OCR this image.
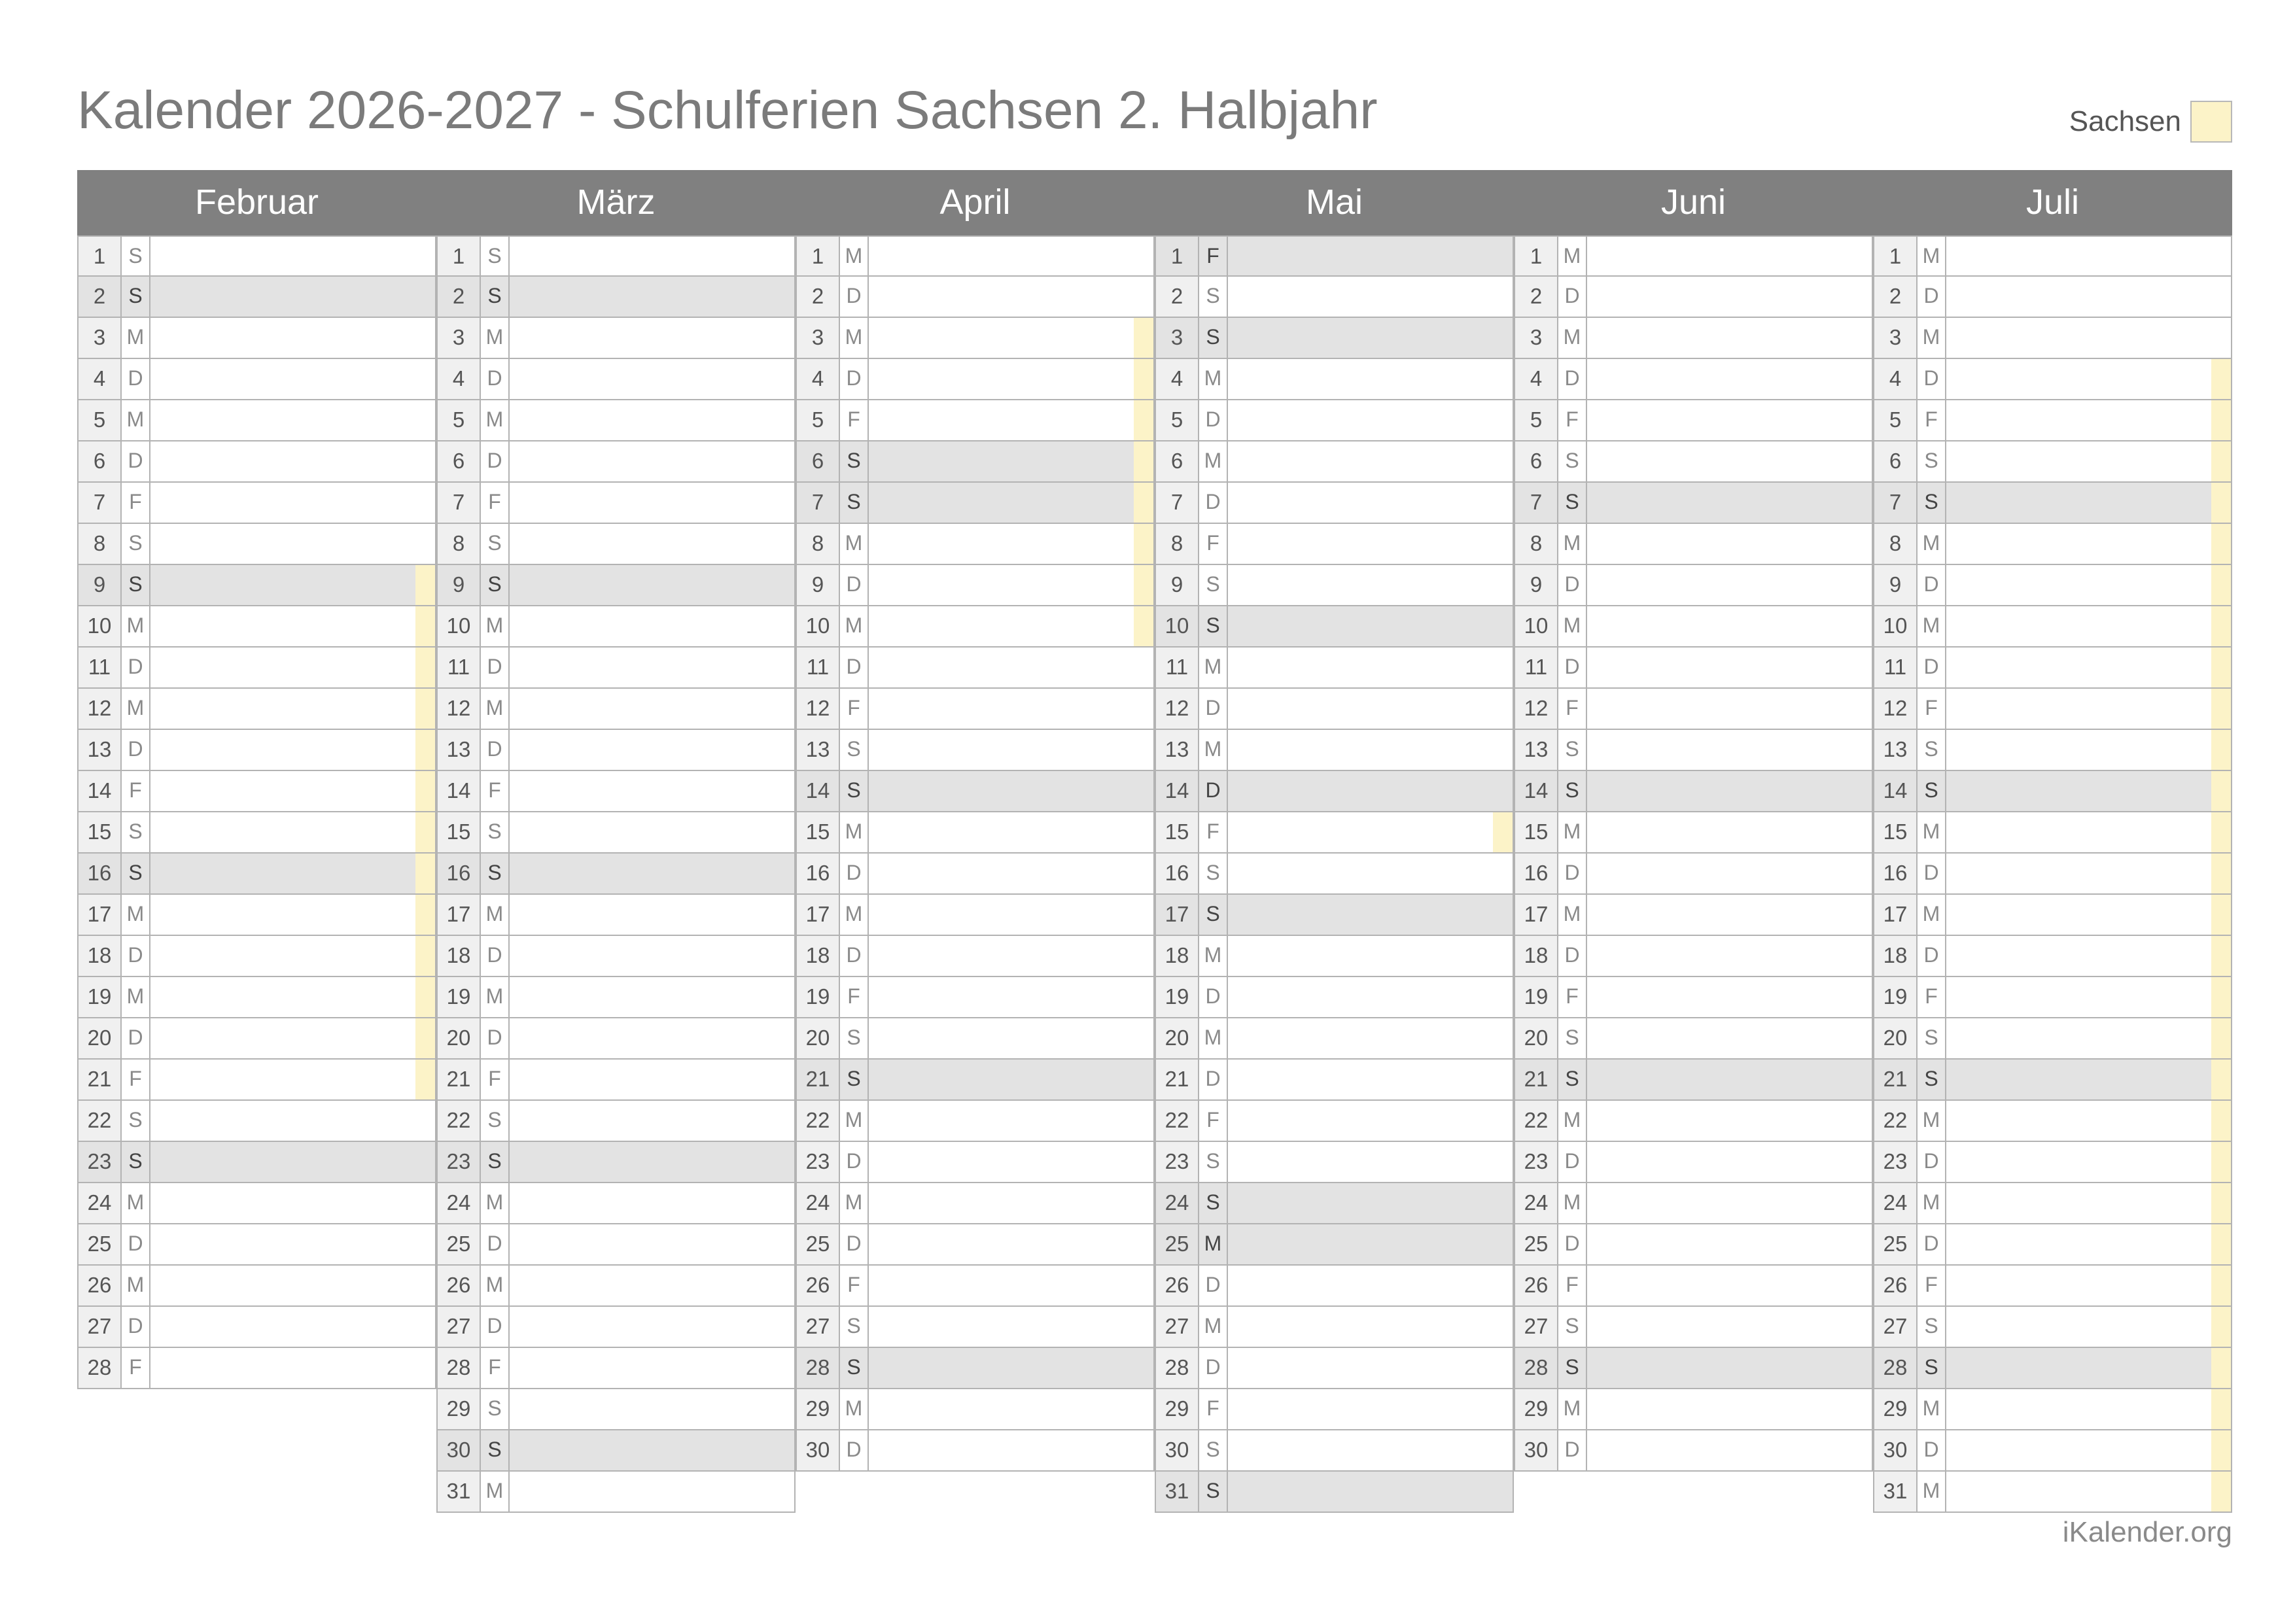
Kalender 2026-2027 - Schulferien Sachsen 2. Halbjahr	Sachsen
Februar	März	April	Mai	Juni	Juli
1	S
2	S
3	M
4	D
5	M
6	D
7	F
8	S
9	S
10 M
11 D
12 M
13 D
14 F
15 S
16 S
17 M
18 D
19 M
20 D
21 F
22 S
23 S
24 M
25 D
26 M
27 D
28 F
1	S
2	S
3	M
4	D
5	M
6	D
7	F
8	S
9	S
10 M
11 D
12 M
13 D
14 F
15 S
16 S
17 M
18 D
19 M
20 D
21 F
22 S
23 S
24 M
25 D
26 M
27 D
28 F
29 S
30 S
31 M
1	M
2	D
3	M
4	D
5	F
6	S
7	S
8	M
9	D
10 M
11 D
12 F
13 S
14 S
15 M
16 D
17 M
18 D
19 F
20 S
21 S
22 M
23 D
24 M
25 D
26 F
27 S
28 S
29 M
30 D
1	F
2	S
3	S
4	M
5	D
6	M
7	D
8	F
9	S
10 S
11 M
12 D
13 M
14 D
15 F
16 S
17 S
18 M
19 D
20 M
21 D
22 F
23 S
24 S
25 M
26 D
27 M
28 D
29 F
30 S
31 S
1	M
2	D
3	M
4	D
5	F
6	S
7	S
8	M
9	D
10 M
11 D
12 F
13 S
14 S
15 M
16 D
17 M
18 D
19 F
20 S
21 S
22 M
23 D
24 M
25 D
26 F
27 S
28 S
29 M
30 D
1	M
2	D
3	M
4	D
5	F
6	S
7	S
8	M
9	D
10 M
11 D
12 F
13 S
14 S
15 M
16 D
17 M
18 D
19 F
20 S
21 S
22 M
23 D
24 M
25 D
26 F
27 S
28 S
29 M
30 D
31 M
iKalender.org
